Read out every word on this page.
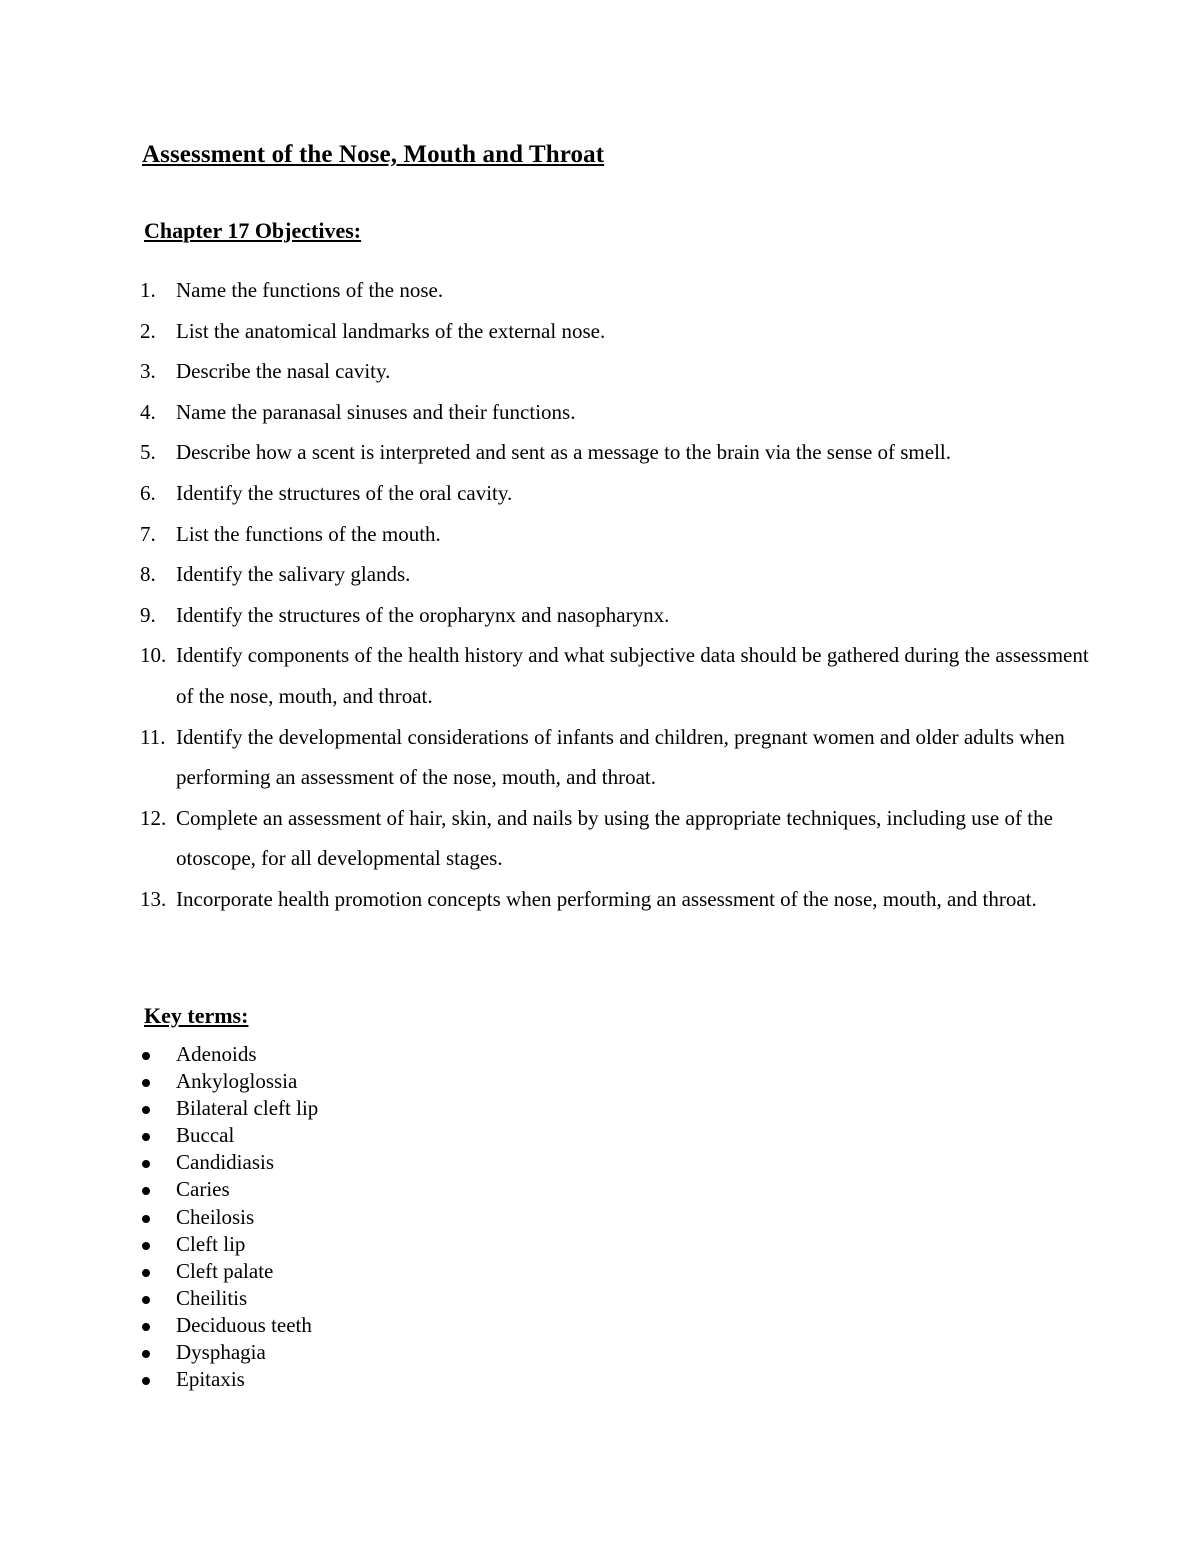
Assessment of the Nose, Mouth and Throat
Chapter 17 Objectives:
1. Name the functions of the nose.
2. List the anatomical landmarks of the external nose.
3. Describe the nasal cavity.
4. Name the paranasal sinuses and their functions.
5. Describe how a scent is interpreted and sent as a message to the brain via the sense of smell.
6. Identify the structures of the oral cavity.
7. List the functions of the mouth.
8. Identify the salivary glands.
9. Identify the structures of the oropharynx and nasopharynx.
10. Identify components of the health history and what subjective data should be gathered during the assessment of the nose, mouth, and throat.
11. Identify the developmental considerations of infants and children, pregnant women and older adults when performing an assessment of the nose, mouth, and throat.
12. Complete an assessment of hair, skin, and nails by using the appropriate techniques, including use of the otoscope, for all developmental stages.
13. Incorporate health promotion concepts when performing an assessment of the nose, mouth, and throat.
Key terms:
Adenoids
Ankyloglossia
Bilateral cleft lip
Buccal
Candidiasis
Caries
Cheilosis
Cleft lip
Cleft palate
Cheilitis
Deciduous teeth
Dysphagia
Epitaxis
